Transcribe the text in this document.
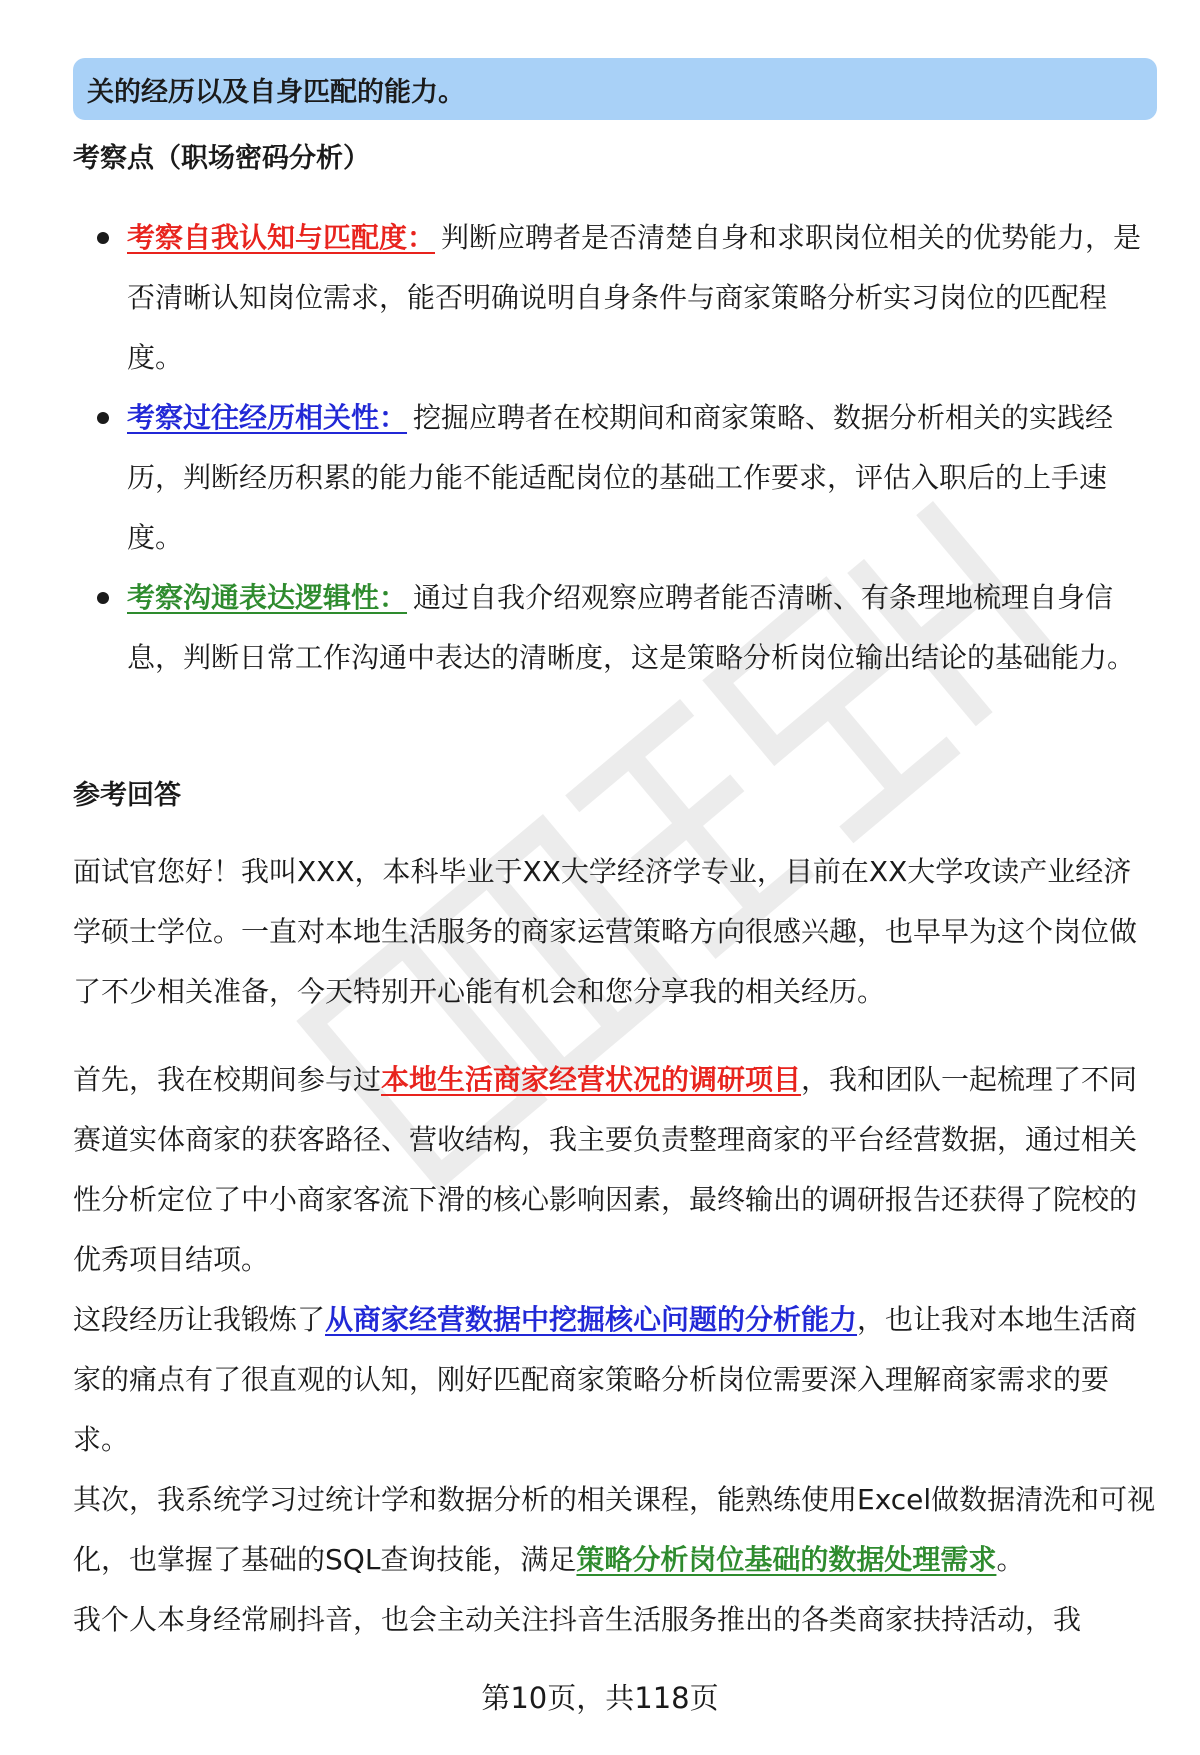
关的经历以及自身匹配的能力。
考察点（职场密码分析）
考察自我认知与匹配度： 判断应聘者是否清楚自身和求职岗位相关的优势能力，是否清晰认知岗位需求，能否明确说明自身条件与商家策略分析实习岗位的匹配程度。
考察过往经历相关性： 挖掘应聘者在校期间和商家策略、数据分析相关的实践经历，判断经历积累的能力能不能适配岗位的基础工作要求，评估入职后的上手速度。
考察沟通表达逻辑性： 通过自我介绍观察应聘者能否清晰、有条理地梳理自身信息，判断日常工作沟通中表达的清晰度，这是策略分析岗位输出结论的基础能力。
参考回答
面试官您好！我叫XXX，本科毕业于XX大学经济学专业，目前在XX大学攻读产业经济学硕士学位。一直对本地生活服务的商家运营策略方向很感兴趣，也早早为这个岗位做了不少相关准备，今天特别开心能有机会和您分享我的相关经历。
首先，我在校期间参与过本地生活商家经营状况的调研项目，我和团队一起梳理了不同赛道实体商家的获客路径、营收结构，我主要负责整理商家的平台经营数据，通过相关性分析定位了中小商家客流下滑的核心影响因素，最终输出的调研报告还获得了院校的优秀项目结项。
这段经历让我锻炼了从商家经营数据中挖掘核心问题的分析能力，也让我对本地生活商家的痛点有了很直观的认知，刚好匹配商家策略分析岗位需要深入理解商家需求的要求。
其次，我系统学习过统计学和数据分析的相关课程，能熟练使用Excel做数据清洗和可视化，也掌握了基础的SQL查询技能，满足策略分析岗位基础的数据处理需求。
我个人本身经常刷抖音，也会主动关注抖音生活服务推出的各类商家扶持活动，我
第10页，共118页
